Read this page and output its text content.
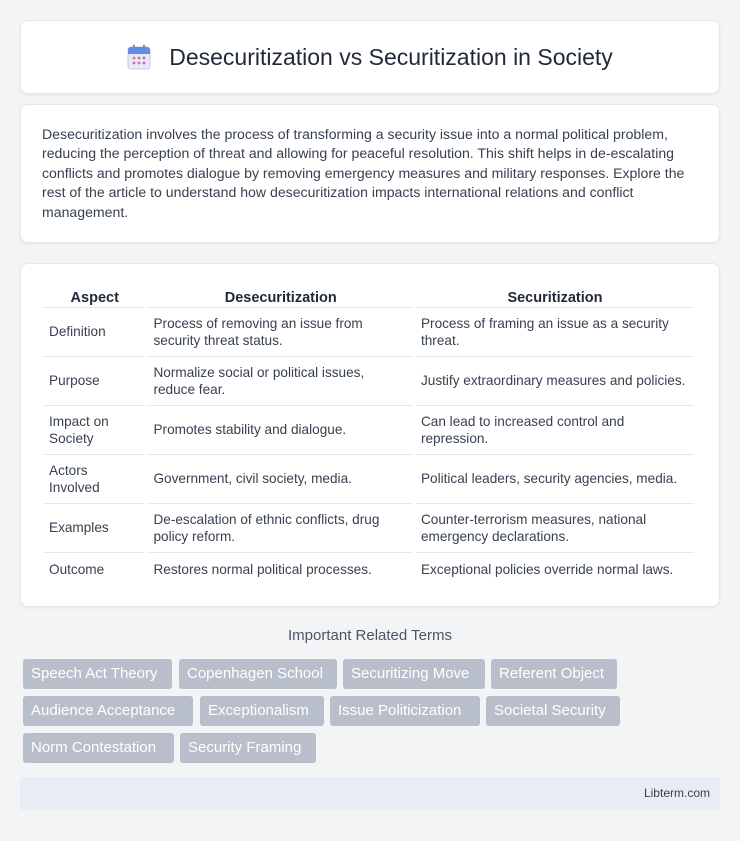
Desecuritization vs Securitization in Society

Desecuritization involves the process of transforming a security issue into a normal political problem, reducing the perception of threat and allowing for peaceful resolution. This shift helps in de-escalating conflicts and promotes dialogue by removing emergency measures and military responses. Explore the rest of the article to understand how desecuritization impacts international relations and conflict management.

Aspect	Desecuritization	Securitization
Definition	Process of removing an issue from security threat status.	Process of framing an issue as a security threat.
Purpose	Normalize social or political issues, reduce fear.	Justify extraordinary measures and policies.
Impact on Society	Promotes stability and dialogue.	Can lead to increased control and repression.
Actors Involved	Government, civil society, media.	Political leaders, security agencies, media.
Examples	De-escalation of ethnic conflicts, drug policy reform.	Counter-terrorism measures, national emergency declarations.
Outcome	Restores normal political processes.	Exceptional policies override normal laws.
Important Related Terms
Speech Act Theory	Copenhagen School	Securitizing Move	Referent Object
Audience Acceptance	Exceptionalism	Issue Politicization	Societal Security
Norm Contestation	Security Framing
Libterm.com
